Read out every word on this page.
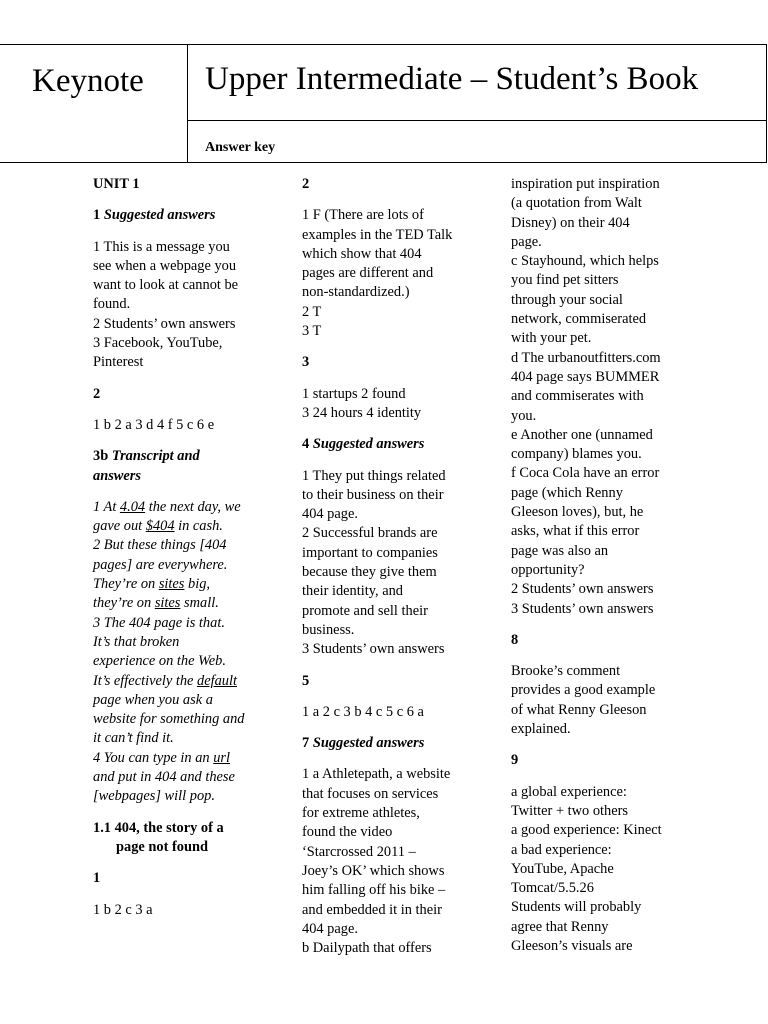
Keynote Upper Intermediate – Student’s Book
Answer key

UNIT 1

1 Suggested answers

1 This is a message you
see when a webpage you
want to look at cannot be
found.
2 Students’ own answers
3 Facebook, YouTube,
Pinterest

2

1 b 2 a 3 d 4 f 5 c 6 e

3b Transcript and
answers

1 At 4.04 the next day, we
gave out $404 in cash.
2 But these things [404
pages] are everywhere.
They’re on sites big,
they’re on sites small.
3 The 404 page is that.
It’s that broken
experience on the Web.
It’s effectively the default
page when you ask a
website for something and
it can’t find it.
4 You can type in an url
and put in 404 and these
[webpages] will pop.

1.1 404, the story of a
page not found

1

1 b 2 c 3 a

2

1 F (There are lots of
examples in the TED Talk
which show that 404
pages are different and
non-standardized.)
2 T
3 T

3

1 startups 2 found
3 24 hours 4 identity

4 Suggested answers

1 They put things related
to their business on their
404 page.
2 Successful brands are
important to companies
because they give them
their identity, and
promote and sell their
business.
3 Students’ own answers

5

1 a 2 c 3 b 4 c 5 c 6 a

7 Suggested answers

1 a Athletepath, a website
that focuses on services
for extreme athletes,
found the video
‘Starcrossed 2011 –
Joey’s OK’ which shows
him falling off his bike –
and embedded it in their
404 page.
b Dailypath that offers

inspiration put inspiration
(a quotation from Walt
Disney) on their 404
page.
c Stayhound, which helps
you find pet sitters
through your social
network, commiserated
with your pet.
d The urbanoutfitters.com
404 page says BUMMER
and commiserates with
you.
e Another one (unnamed
company) blames you.
f Coca Cola have an error
page (which Renny
Gleeson loves), but, he
asks, what if this error
page was also an
opportunity?
2 Students’ own answers
3 Students’ own answers

8

Brooke’s comment
provides a good example
of what Renny Gleeson
explained.

9

a global experience:
Twitter + two others
a good experience: Kinect
a bad experience:
YouTube, Apache
Tomcat/5.5.26
Students will probably
agree that Renny
Gleeson’s visuals are
